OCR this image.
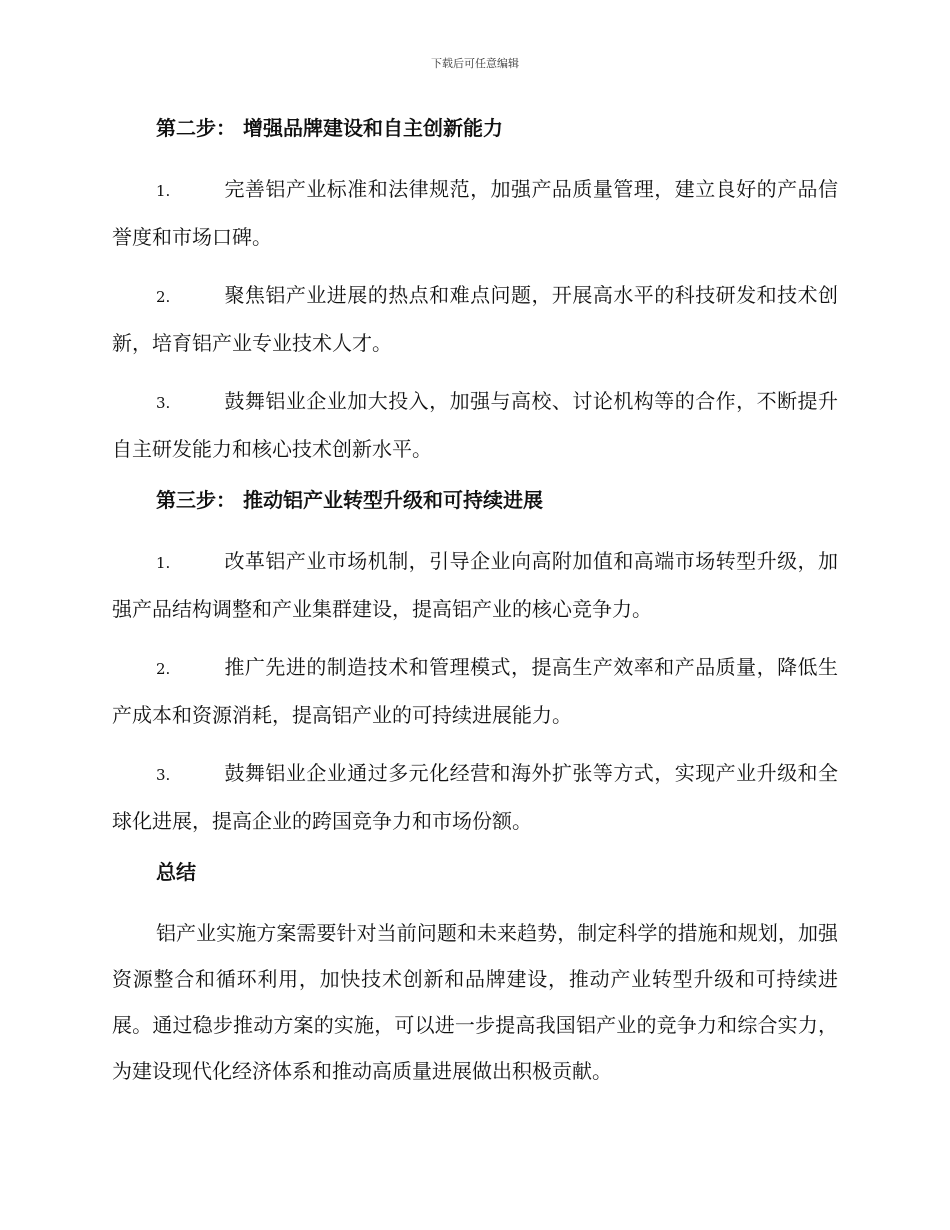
下载后可任意编辑
第二步： 增强品牌建设和自主创新能力
1.	完善铝产业标准和法律规范，加强产品质量管理，建立良好的产品信誉度和市场口碑。
2.	聚焦铝产业进展的热点和难点问题，开展高水平的科技研发和技术创新，培育铝产业专业技术人才。
3.	鼓舞铝业企业加大投入，加强与高校、讨论机构等的合作，不断提升自主研发能力和核心技术创新水平。
第三步： 推动铝产业转型升级和可持续进展
1.	改革铝产业市场机制，引导企业向高附加值和高端市场转型升级，加强产品结构调整和产业集群建设，提高铝产业的核心竞争力。
2.	推广先进的制造技术和管理模式，提高生产效率和产品质量，降低生产成本和资源消耗，提高铝产业的可持续进展能力。
3.	鼓舞铝业企业通过多元化经营和海外扩张等方式，实现产业升级和全球化进展，提高企业的跨国竞争力和市场份额。
总结

铝产业实施方案需要针对当前问题和未来趋势，制定科学的措施和规划，加强资源整合和循环利用，加快技术创新和品牌建设，推动产业转型升级和可持续进展。通过稳步推动方案的实施，可以进一步提高我国铝产业的竞争力和综合实力，为建设现代化经济体系和推动高质量进展做出积极贡献。
